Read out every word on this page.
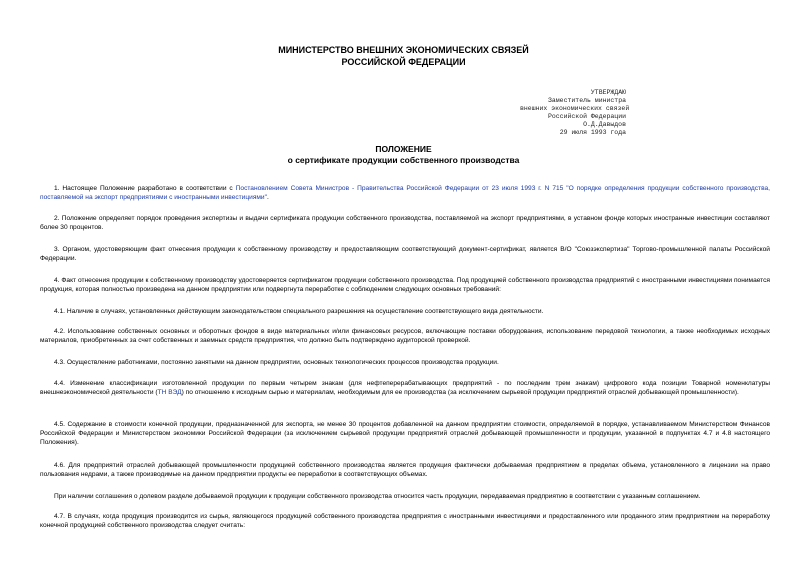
МИНИСТЕРСТВО ВНЕШНИХ ЭКОНОМИЧЕСКИХ СВЯЗЕЙ
РОССИЙСКОЙ ФЕДЕРАЦИИ
УТВЕРЖДАЮ
Заместитель министра
внешних экономических связей
Российской Федерации
О.Д.Давыдов
29 июля 1993 года
ПОЛОЖЕНИЕ
о сертификате продукции собственного производства
1. Настоящее Положение разработано в соответствии с Постановлением Совета Министров - Правительства Российской Федерации от 23 июля 1993 г. N 715 "О порядке определения продукции собственного производства, поставляемой на экспорт предприятиями с иностранными инвестициями".
2. Положение определяет порядок проведения экспертизы и выдачи сертификата продукции собственного производства, поставляемой на экспорт предприятиями, в уставном фонде которых иностранные инвестиции составляют более 30 процентов.
3. Органом, удостоверяющим факт отнесения продукции к собственному производству и предоставляющим соответствующий документ-сертификат, является В/О "Союзэкспертиза" Торгово-промышленной палаты Российской Федерации.
4. Факт отнесения продукции к собственному производству удостоверяется сертификатом продукции собственного производства. Под продукцией собственного производства предприятий с иностранными инвестициями понимается продукция, которая полностью произведена на данном предприятии или подвергнута переработке с соблюдением следующих основных требований:
4.1. Наличие в случаях, установленных действующим законодательством специального разрешения на осуществление соответствующего вида деятельности.
4.2. Использование собственных основных и оборотных фондов в виде материальных и/или финансовых ресурсов, включающие поставки оборудования, использование передовой технологии, а также необходимых исходных материалов, приобретенных за счет собственных и заемных средств предприятия, что должно быть подтверждено аудиторской проверкой.
4.3. Осуществление работниками, постоянно занятыми на данном предприятии, основных технологических процессов производства продукции.
4.4. Изменение классификации изготовленной продукции по первым четырем знакам (для нефтеперерабатывающих предприятий - по последним трем знакам) цифрового кода позиции Товарной номенклатуры внешнеэкономической деятельности (ТН ВЭД) по отношению к исходным сырью и материалам, необходимым для ее производства (за исключением сырьевой продукции предприятий отраслей добывающей промышленности).
4.5. Содержание в стоимости конечной продукции, предназначенной для экспорта, не менее 30 процентов добавленной на данном предприятии стоимости, определяемой в порядке, устанавливаемом Министерством Финансов Российской Федерации и Министерством экономики Российской Федерации (за исключением сырьевой продукции предприятий отраслей добывающей промышленности и продукции, указанной в подпунктах 4.7 и 4.8 настоящего Положения).
4.6. Для предприятий отраслей добывающей промышленности продукцией собственного производства является продукция фактически добываемая предприятием в пределах объема, установленного в лицензии на право пользования недрами, а также производимые на данном предприятии продукты ее переработки в соответствующих объемах.
При наличии соглашения о долевом разделе добываемой продукции к продукции собственного производства относится часть продукции, передаваемая предприятию в соответствии с указанным соглашением.
4.7. В случаях, когда продукция производится из сырья, являющегося продукцией собственного производства предприятия с иностранными инвестициями и предоставленного или проданного этим предприятием на переработку конечной продукцией собственного производства следует считать:
